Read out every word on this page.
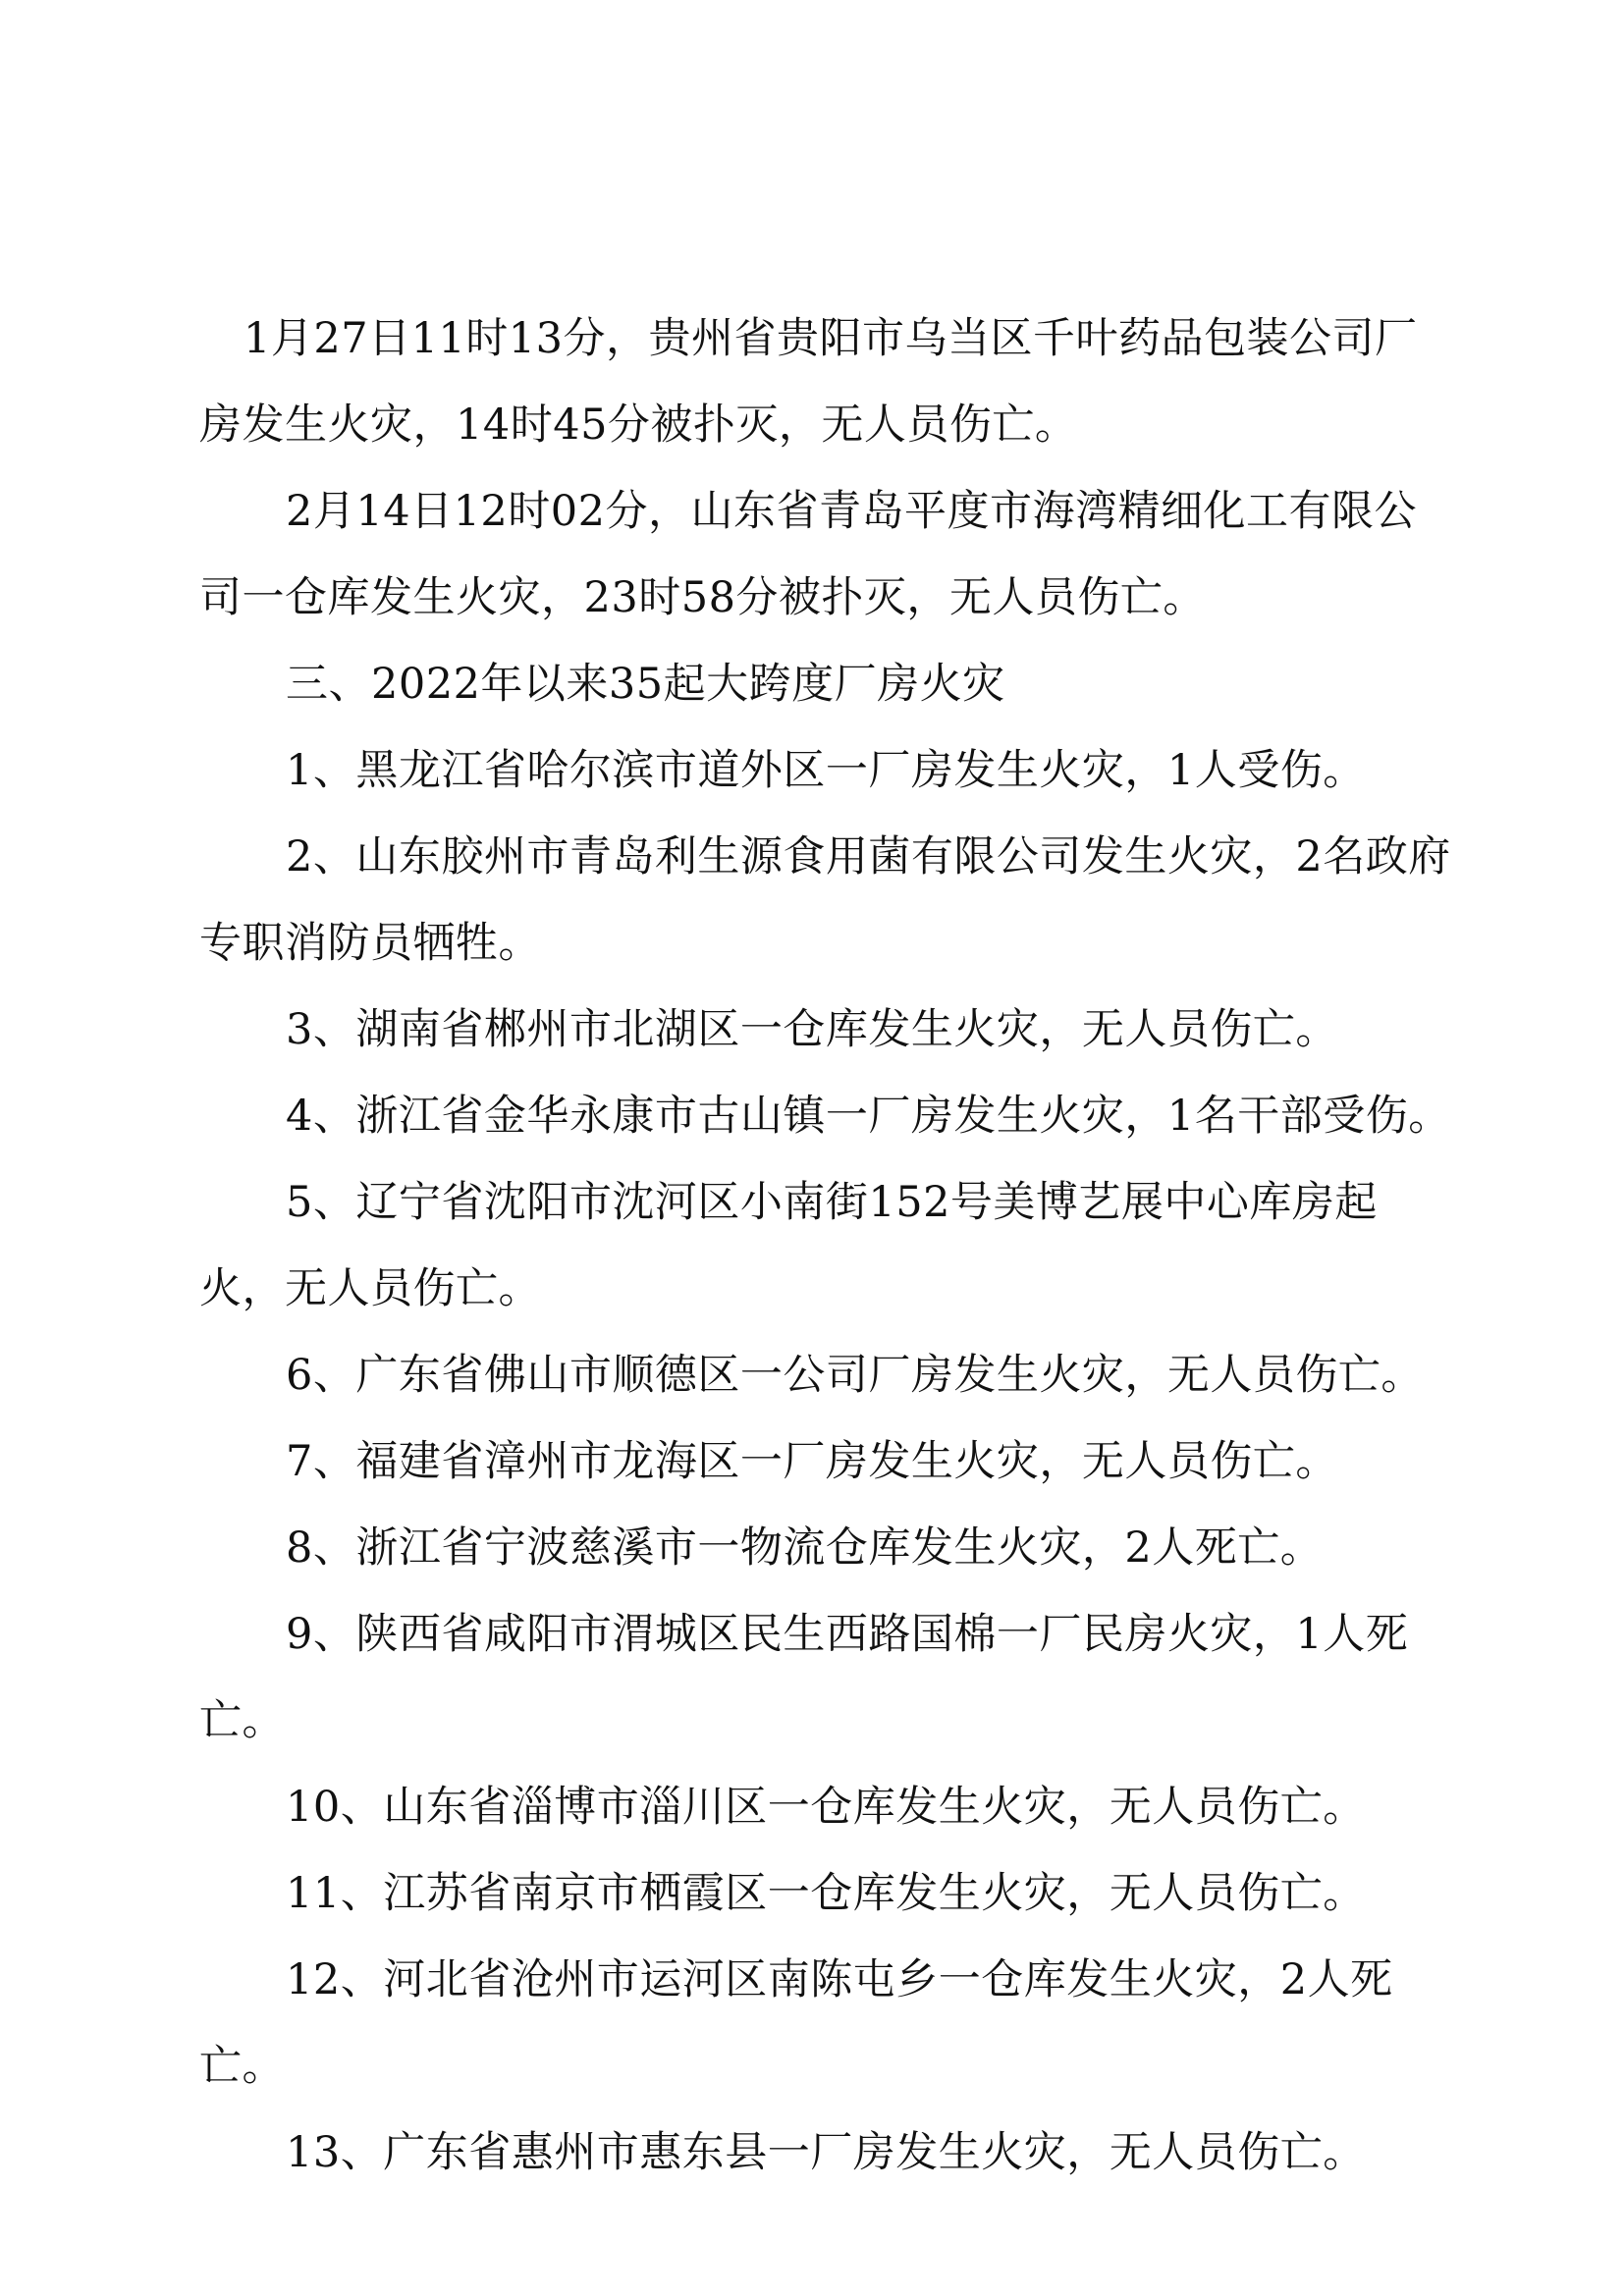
1月27日11时13分，贵州省贵阳市乌当区千叶药品包装公司厂房发生火灾，14时45分被扑灭，无人员伤亡。

2月14日12时02分，山东省青岛平度市海湾精细化工有限公司一仓库发生火灾，23时58分被扑灭，无人员伤亡。

三、2022年以来35起大跨度厂房火灾

1、黑龙江省哈尔滨市道外区一厂房发生火灾，1人受伤。

2、山东胶州市青岛利生源食用菌有限公司发生火灾，2名政府专职消防员牺牲。

3、湖南省郴州市北湖区一仓库发生火灾，无人员伤亡。

4、浙江省金华永康市古山镇一厂房发生火灾，1名干部受伤。

5、辽宁省沈阳市沈河区小南街152号美博艺展中心库房起火，无人员伤亡。

6、广东省佛山市顺德区一公司厂房发生火灾，无人员伤亡。

7、福建省漳州市龙海区一厂房发生火灾，无人员伤亡。

8、浙江省宁波慈溪市一物流仓库发生火灾，2人死亡。

9、陕西省咸阳市渭城区民生西路国棉一厂民房火灾，1人死亡。

10、山东省淄博市淄川区一仓库发生火灾，无人员伤亡。

11、江苏省南京市栖霞区一仓库发生火灾，无人员伤亡。

12、河北省沧州市运河区南陈屯乡一仓库发生火灾，2人死亡。

13、广东省惠州市惠东县一厂房发生火灾，无人员伤亡。
